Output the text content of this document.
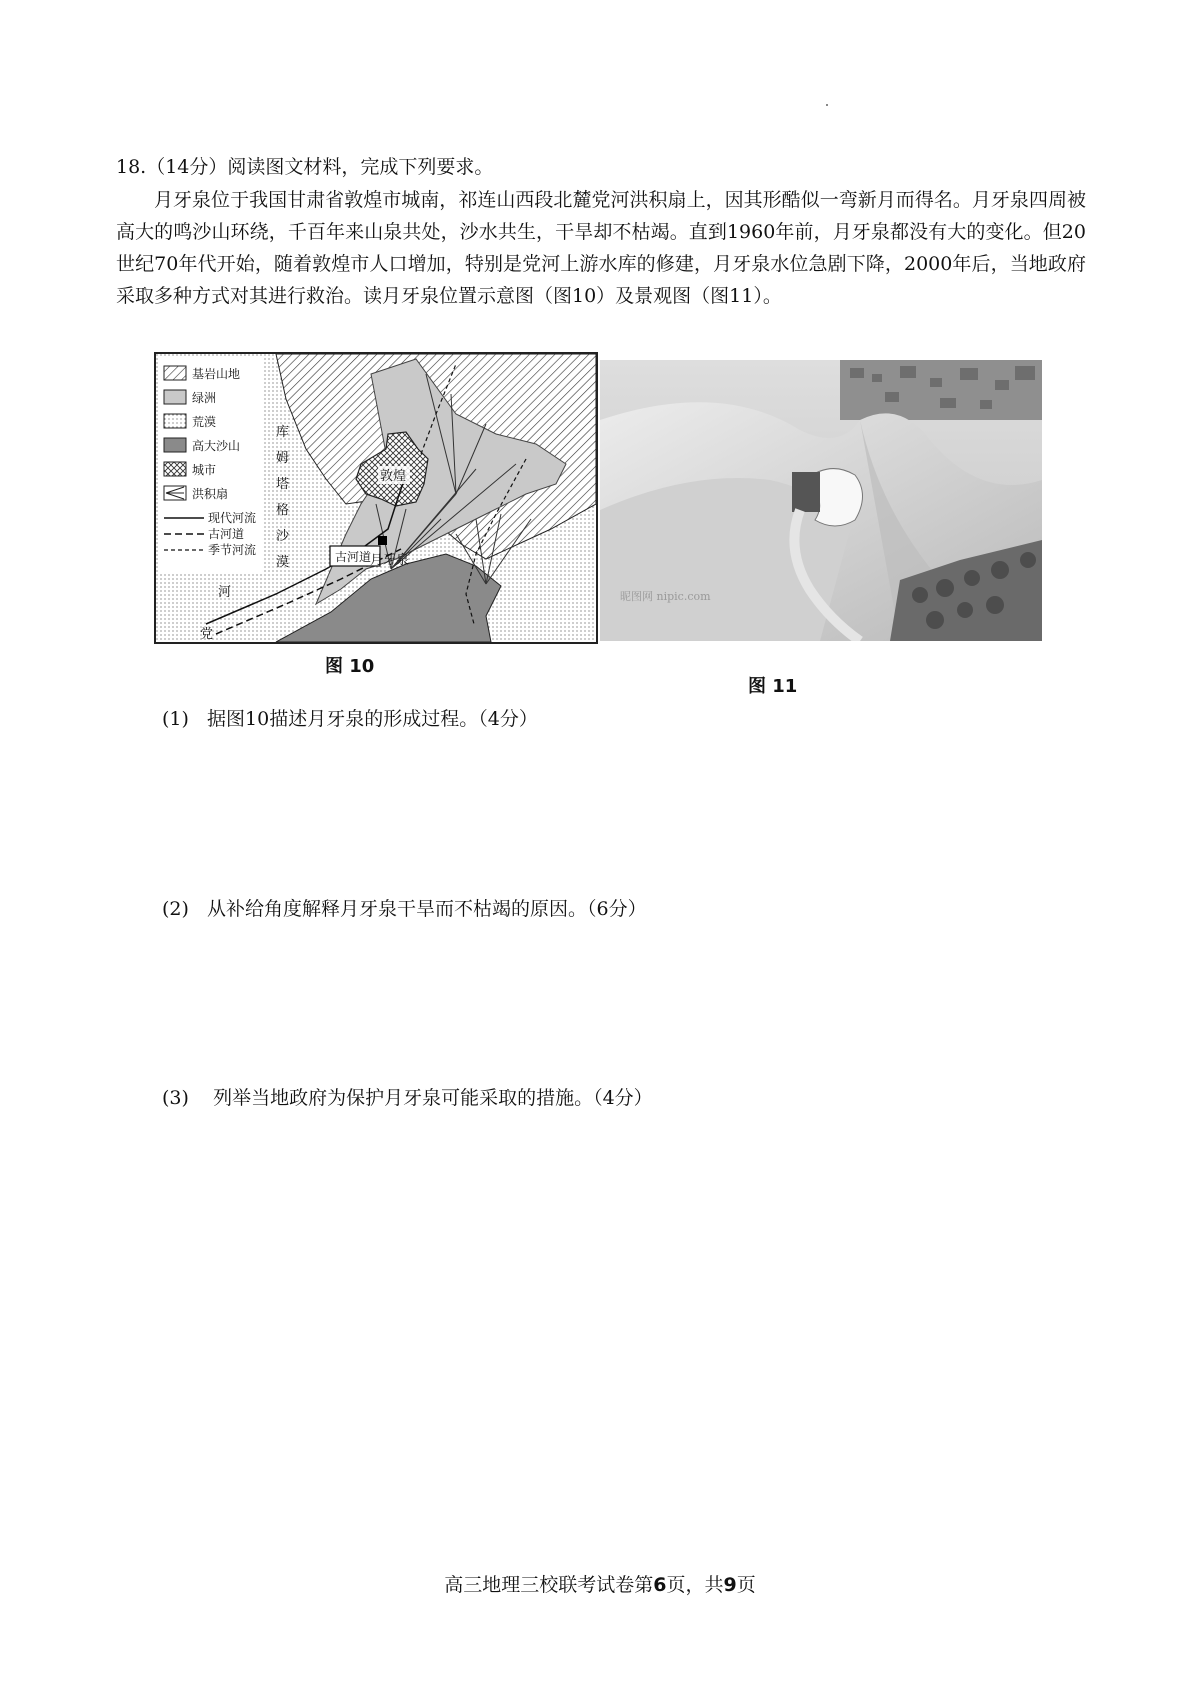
18.（14分）阅读图文材料，完成下列要求。
月牙泉位于我国甘肃省敦煌市城南，祁连山西段北麓党河洪积扇上，因其形酷似一弯新月而得名。月牙泉四周被高大的鸣沙山环绕，千百年来山泉共处，沙水共生，干旱却不枯竭。直到1960年前，月牙泉都没有大的变化。但20世纪70年代开始，随着敦煌市人口增加，特别是党河上游水库的修建，月牙泉水位急剧下降，2000年后，当地政府采取多种方式对其进行救治。读月牙泉位置示意图（图10）及景观图（图11）。
基岩山地
绿洲
荒漠
高大沙山
城市
洪积扇
现代河流
古河道
季节河流
库
姆
塔
格
沙
漠
敦煌
古河道
月牙泉
河
党
图 10
昵图网 nipic.com
图 11
(1) 据图10描述月牙泉的形成过程。（4分）
(2) 从补给角度解释月牙泉干旱而不枯竭的原因。（6分）
(3) 列举当地政府为保护月牙泉可能采取的措施。（4分）
高三地理三校联考试卷第6页，共9页
